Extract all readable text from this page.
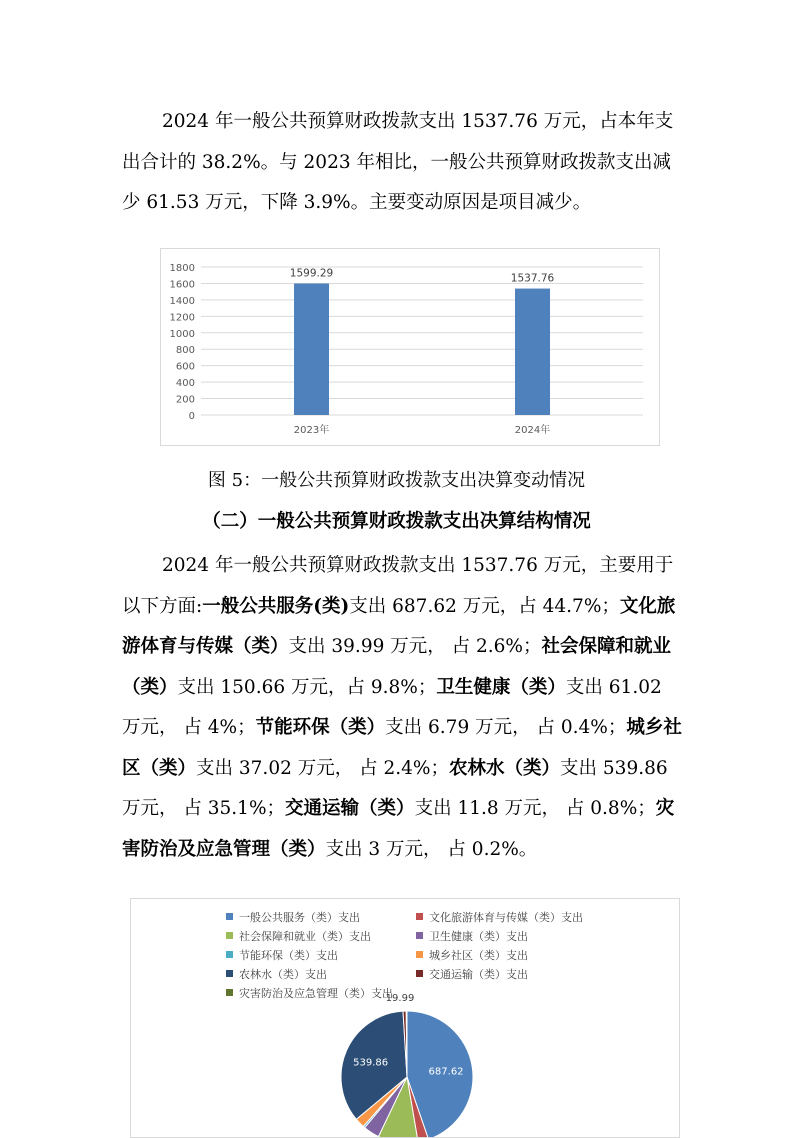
2024 年一般公共预算财政拨款支出 1537.76 万元，占本年支出合计的 38.2%。与 2023 年相比，一般公共预算财政拨款支出减少 61.53 万元，下降 3.9%。主要变动原因是项目减少。

0
200
400
600
800
1000
1200
1400
1600
1800	1599.29
2023年
1537.76
2024年
图 5：一般公共预算财政拨款支出决算变动情况
（二）一般公共预算财政拨款支出决算结构情况

2024 年一般公共预算财政拨款支出 1537.76 万元，主要用于以下方面:一般公共服务(类)支出 687.62 万元，占 44.7%；文化旅游体育与传媒（类）支出 39.99 万元， 占 2.6%；社会保障和就业（类）支出 150.66 万元，占 9.8%；卫生健康（类）支出 61.02 万元， 占 4%；节能环保（类）支出 6.79 万元， 占 0.4%；城乡社区（类）支出 37.02 万元， 占 2.4%；农林水（类）支出 539.86 万元， 占 35.1%；交通运输（类）支出 11.8 万元， 占 0.8%；灾害防治及应急管理（类）支出 3 万元， 占 0.2%。

一般公共服务（类）支出	文化旅游体育与传媒（类）支出
社会保障和就业（类）支出	卫生健康（类）支出
节能环保（类）支出	城乡社区（类）支出
农林水（类）支出	交通运输（类）支出
灾害防治及应急管理（类）支出
687.62
539.86
19.99
